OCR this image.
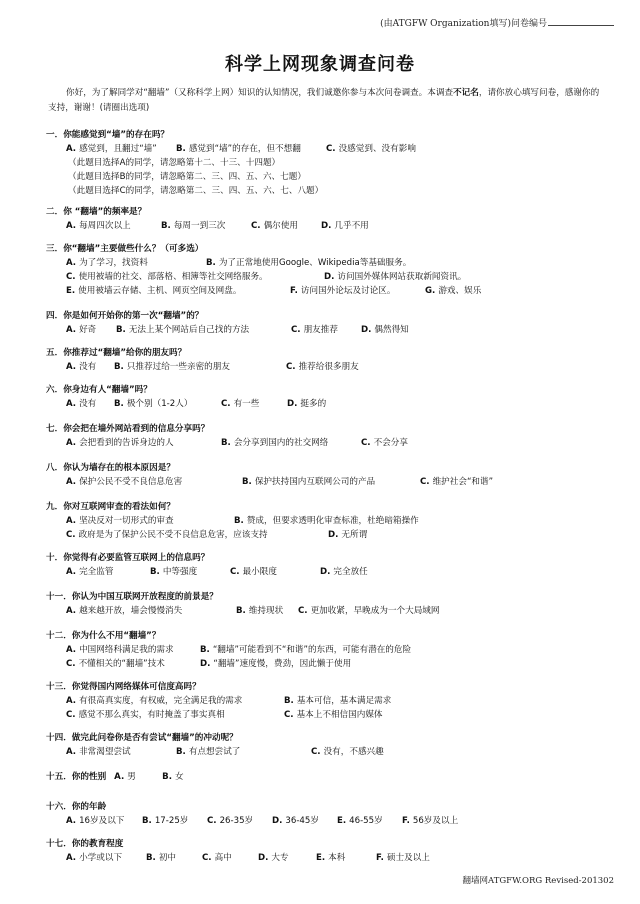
(由ATGFW Organization填写)问卷编号
科学上网现象调查问卷
你好，为了解同学对“翻墙”（又称科学上网）知识的认知情况，我们诚邀你参与本次问卷调查。本调查不记名，请你放心填写问卷，感谢你的支持，谢谢！(请圈出选项)
一．你能感觉到“墙”的存在吗？
A. 感觉到，且翻过“墙” B. 感觉到“墙”的存在，但不想翻	C. 没感觉到、没有影响
（此题目选择A的同学，请忽略第十二、十三、十四题）
（此题目选择B的同学，请忽略第二、三、四、五、六、七题）
（此题目选择C的同学，请忽略第二、三、四、五、六、七、八题）
二．你 “翻墙”的频率是？
A. 每周四次以上	B. 每周一到三次	C. 偶尔使用	D. 几乎不用
三．你“翻墙”主要做些什么？（可多选）
A. 为了学习，找资料	B. 为了正常地使用Google、Wikipedia等基础服务。
C. 使用被墙的社交、部落格、相簿等社交网络服务。	D. 访问国外媒体网站获取新闻资讯。
E. 使用被墙云存储、主机、网页空间及网盘。	F. 访问国外论坛及讨论区。	G. 游戏、娱乐
四．你是如何开始你的第一次“翻墙”的？
A. 好奇 B. 无法上某个网站后自己找的方法	C. 朋友推荐	D. 偶然得知
五．你推荐过“翻墙”给你的朋友吗？
A. 没有 B. 只推荐过给一些亲密的朋友	C. 推荐给很多朋友
六．你身边有人“翻墙”吗？
A. 没有 B. 极个别（1-2人）	C. 有一些	D. 挺多的
七．你会把在墙外网站看到的信息分享吗？
A. 会把看到的告诉身边的人	B. 会分享到国内的社交网络	C. 不会分享
八．你认为墙存在的根本原因是？
A. 保护公民不受不良信息危害	B. 保护扶持国内互联网公司的产品	C. 维护社会“和谐”
九．你对互联网审查的看法如何？
A. 坚决反对一切形式的审查	B. 赞成，但要求透明化审查标准，杜绝暗箱操作
C. 政府是为了保护公民不受不良信息危害，应该支持	D. 无所谓
十．你觉得有必要监管互联网上的信息吗？
A. 完全监管	B. 中等强度	C. 最小限度	D. 完全放任
十一．你认为中国互联网开放程度的前景是？
A. 越来越开放，墙会慢慢消失	B. 维持现状 C. 更加收紧，早晚成为一个大局域网
十二．你为什么不用“翻墙”？
A. 中国网络科满足我的需求	B. “翻墙”可能看到不“和谐”的东西，可能有潜在的危险
C. 不懂相关的“翻墙”技术	D. “翻墙”速度慢，费劲，因此懒于使用
十三．你觉得国内网络媒体可信度高吗？
A. 有很高真实度，有权威，完全满足我的需求	B. 基本可信，基本满足需求
C. 感觉不那么真实，有时掩盖了事实真相	C. 基本上不相信国内媒体
十四．做完此问卷你是否有尝试“翻墙”的冲动呢？
A. 非常渴望尝试	B. 有点想尝试了	C. 没有，不感兴趣
十五．你的性别 A. 男	B. 女
十六．你的年龄
A. 16岁及以下 B. 17-25岁 C. 26-35岁 D. 36-45岁 E. 46-55岁 F. 56岁及以上
十七．你的教育程度
A. 小学或以下	B. 初中	C. 高中	D. 大专	E. 本科	F. 硕士及以上
翻墙网ATGFW.ORG Revised-201302
